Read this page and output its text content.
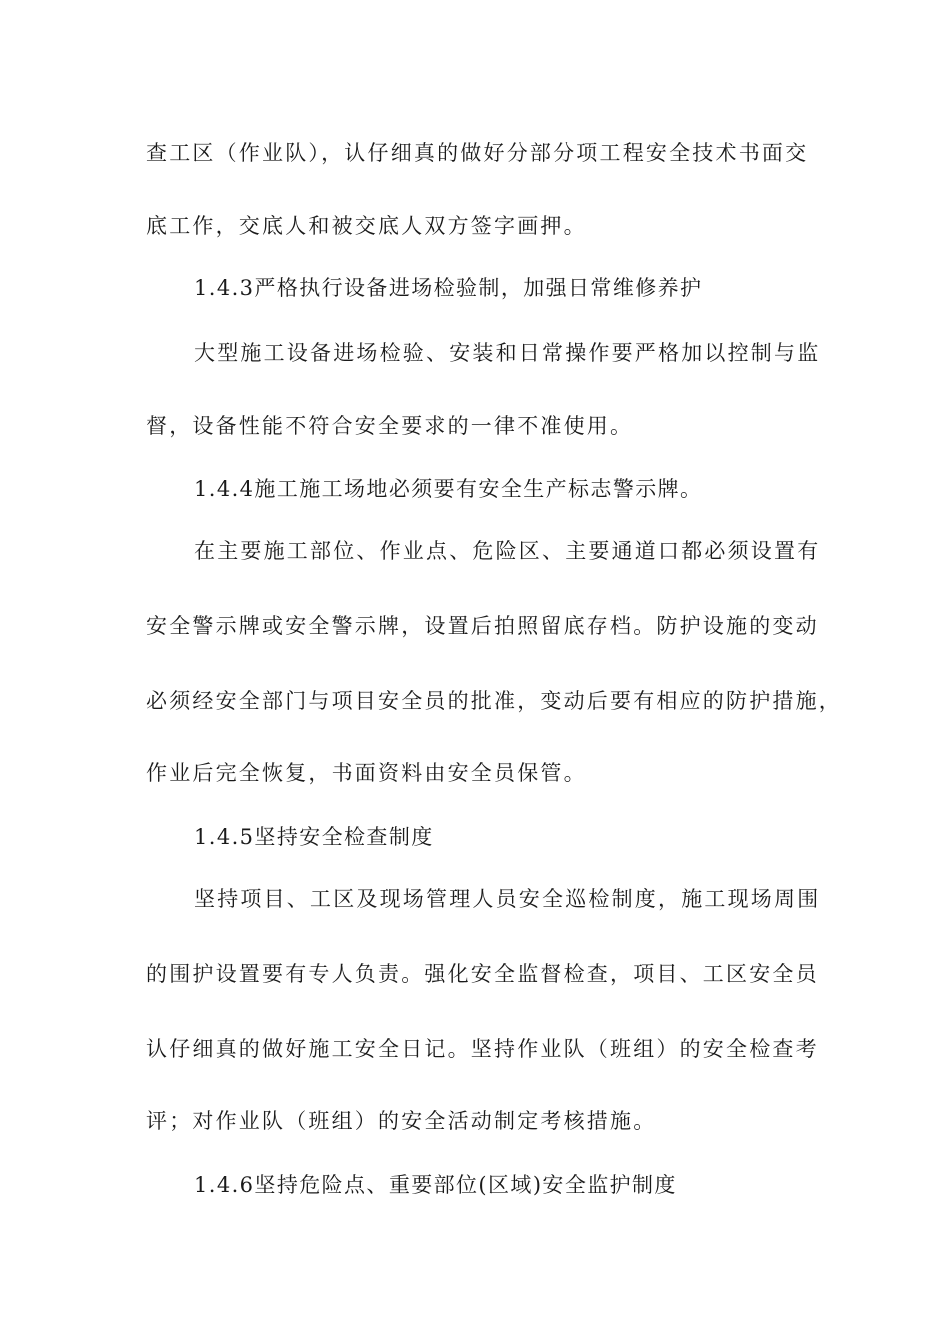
查工区（作业队），认仔细真的做好分部分项工程安全技术书面交
底工作，交底人和被交底人双方签字画押。
1.4.3严格执行设备进场检验制，加强日常维修养护
大型施工设备进场检验、安装和日常操作要严格加以控制与监
督，设备性能不符合安全要求的一律不准使用。
1.4.4施工施工场地必须要有安全生产标志警示牌。
在主要施工部位、作业点、危险区、主要通道口都必须设置有
安全警示牌或安全警示牌，设置后拍照留底存档。防护设施的变动
必须经安全部门与项目安全员的批准，变动后要有相应的防护措施，
作业后完全恢复，书面资料由安全员保管。
1.4.5坚持安全检查制度
坚持项目、工区及现场管理人员安全巡检制度，施工现场周围
的围护设置要有专人负责。强化安全监督检查，项目、工区安全员
认仔细真的做好施工安全日记。坚持作业队（班组）的安全检查考
评；对作业队（班组）的安全活动制定考核措施。
1.4.6坚持危险点、重要部位(区域)安全监护制度
